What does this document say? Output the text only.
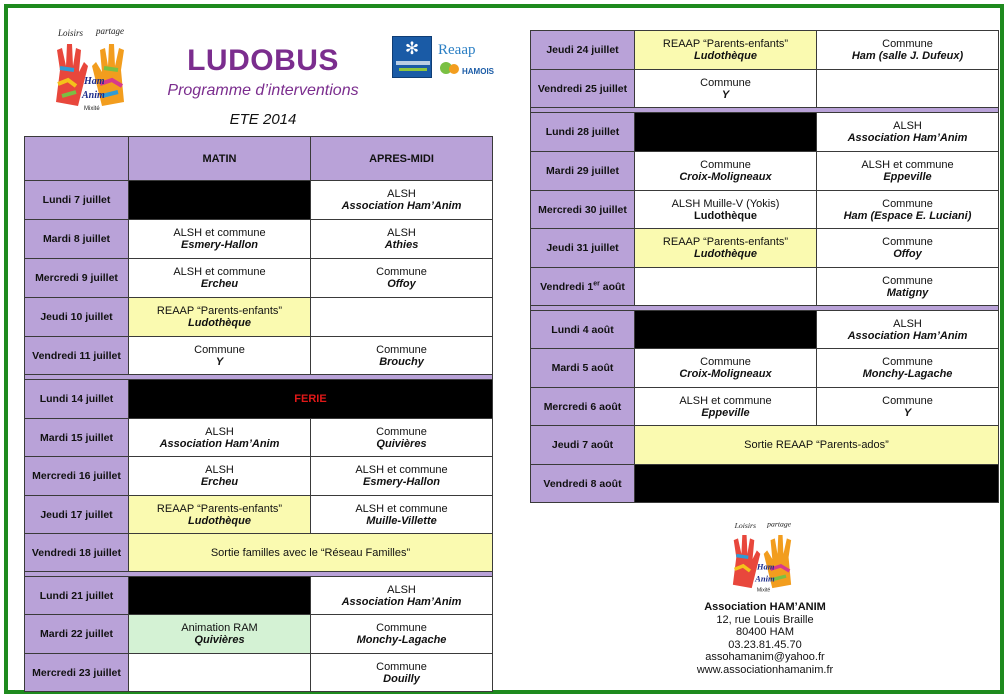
Loisirs partage
Ham
Anim
Mixité
LUDOBUS
Programme d’interventions
ETE 2014
✻	Reaap
HAMOIS
	MATIN	APRES-MIDI
Lundi 7 juillet		ALSH
Association Ham’Anim

Mardi 8 juillet	ALSH et commune
Esmery-Hallon	ALSH
Athies

Mercredi 9 juillet	ALSH et commune
Ercheu	Commune
Offoy

Jeudi 10 juillet	REAAP “Parents-enfants”
Ludothèque	

Vendredi 11 juillet	Commune
Y	Commune
Brouchy

Lundi 14 juillet	FERIE	
Mardi 15 juillet	ALSH
Association Ham’Anim	Commune
Quivières

Mercredi 16 juillet	ALSH
Ercheu	ALSH et commune
Esmery-Hallon

Jeudi 17 juillet	REAAP “Parents-enfants”
Ludothèque	ALSH et commune
Muille-Villette

Vendredi 18 juillet	Sortie familles avec le “Réseau Familles”	

Lundi 21 juillet		ALSH
Association Ham’Anim

Mardi 22 juillet	Animation RAM
Quivières	Commune
Monchy-Lagache

Mercredi 23 juillet		Commune
Douilly
Jeudi 24 juillet	REAAP “Parents-enfants”
Ludothèque	Commune
Ham (salle J. Dufeux)

Vendredi 25 juillet	Commune
Y	

Lundi 28 juillet		ALSH
Association Ham’Anim

Mardi 29 juillet	Commune
Croix-Moligneaux	ALSH et commune
Eppeville

Mercredi 30 juillet	ALSH Muille-V (Yokis)
Ludothèque	Commune
Ham (Espace E. Luciani)

Jeudi 31 juillet	REAAP “Parents-enfants”
Ludothèque	Commune
Offoy

Vendredi 1er août		Commune
Matigny

Lundi 4 août		ALSH
Association Ham’Anim

Mardi 5 août	Commune
Croix-Moligneaux	Commune
Monchy-Lagache

Mercredi 6 août	ALSH et commune
Eppeville	Commune
Y

Jeudi 7 août	Sortie REAAP “Parents-ados”	
Vendredi 8 août		
Loisirs partage
Ham
Anim
Mixité
Association HAM’ANIM
12, rue Louis Braille
80400 HAM
03.23.81.45.70
assohamanim@yahoo.fr
www.associationhamanim.fr
